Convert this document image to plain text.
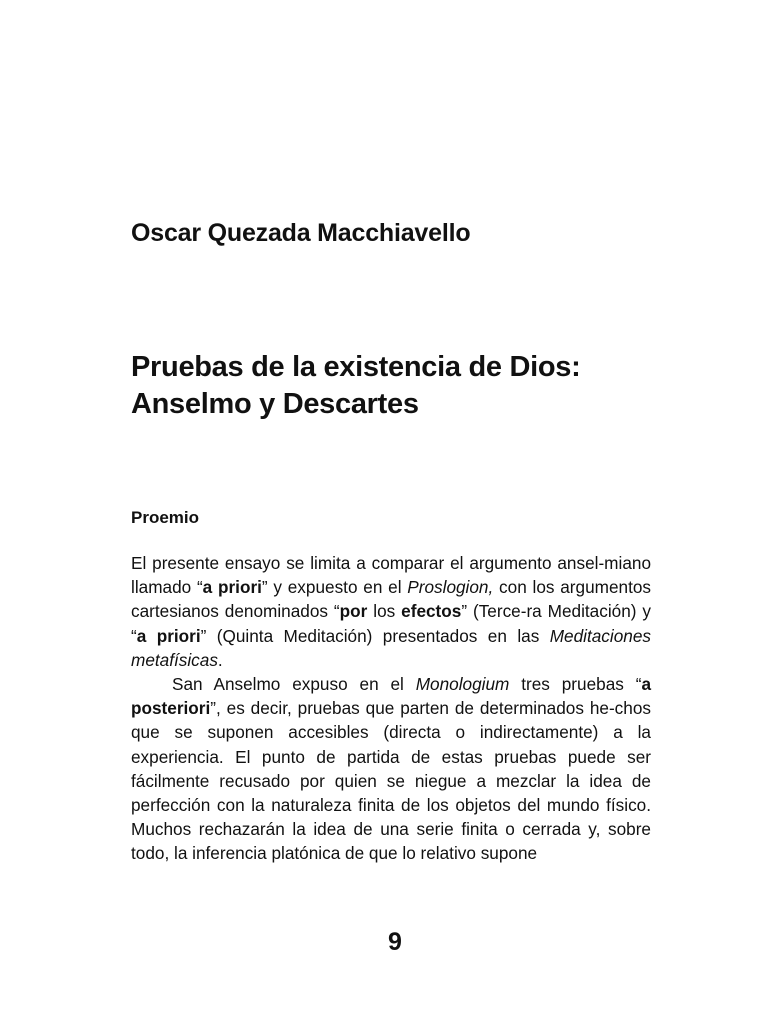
Oscar Quezada Macchiavello
Pruebas de la existencia de Dios:
Anselmo y Descartes
Proemio

El presente ensayo se limita a comparar el argumento ansel-miano llamado “a priori” y expuesto en el Proslogion, con los argumentos cartesianos denominados “por los efectos” (Terce-ra Meditación) y “a priori” (Quinta Meditación) presentados en las Meditaciones metafísicas.

San Anselmo expuso en el Monologium tres pruebas “a posteriori”, es decir, pruebas que parten de determinados he-chos que se suponen accesibles (directa o indirectamente) a la experiencia. El punto de partida de estas pruebas puede ser fácilmente recusado por quien se niegue a mezclar la idea de perfección con la naturaleza finita de los objetos del mundo físico. Muchos rechazarán la idea de una serie finita o cerrada y, sobre todo, la inferencia platónica de que lo relativo supone

9
